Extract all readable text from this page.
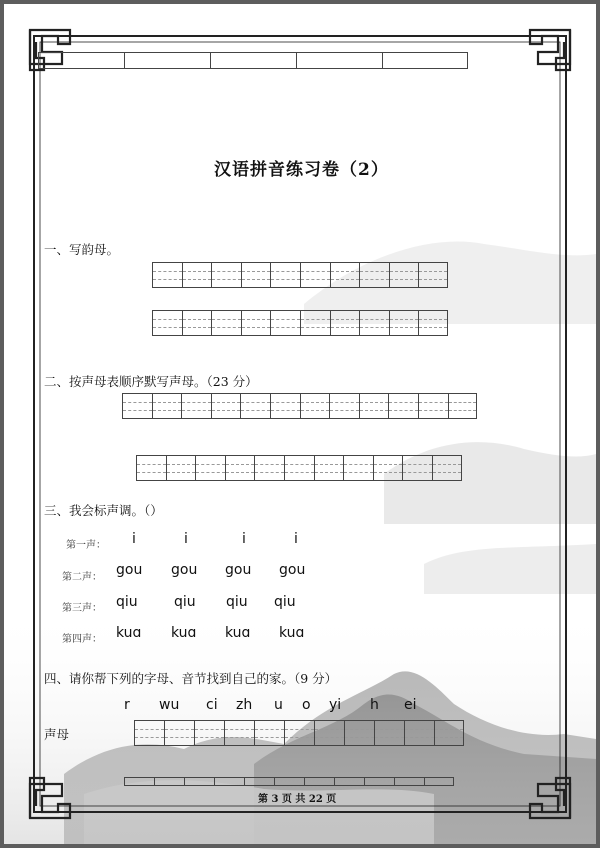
汉语拼音练习卷（2）
一、写韵母。
二、按声母表顺序默写声母。（23 分）
三、我会标声调。（）
第一声： i	i	i	i
第二声： gou gou gou gou
第三声： qiu	qiu qiu qiu
第四声： kuɑ kuɑ kuɑ kuɑ
四、请你帮下列的字母、音节找到自己的家。（9 分）
r wu ci zh u o yi h ei
声母
第 3 页 共 22 页
